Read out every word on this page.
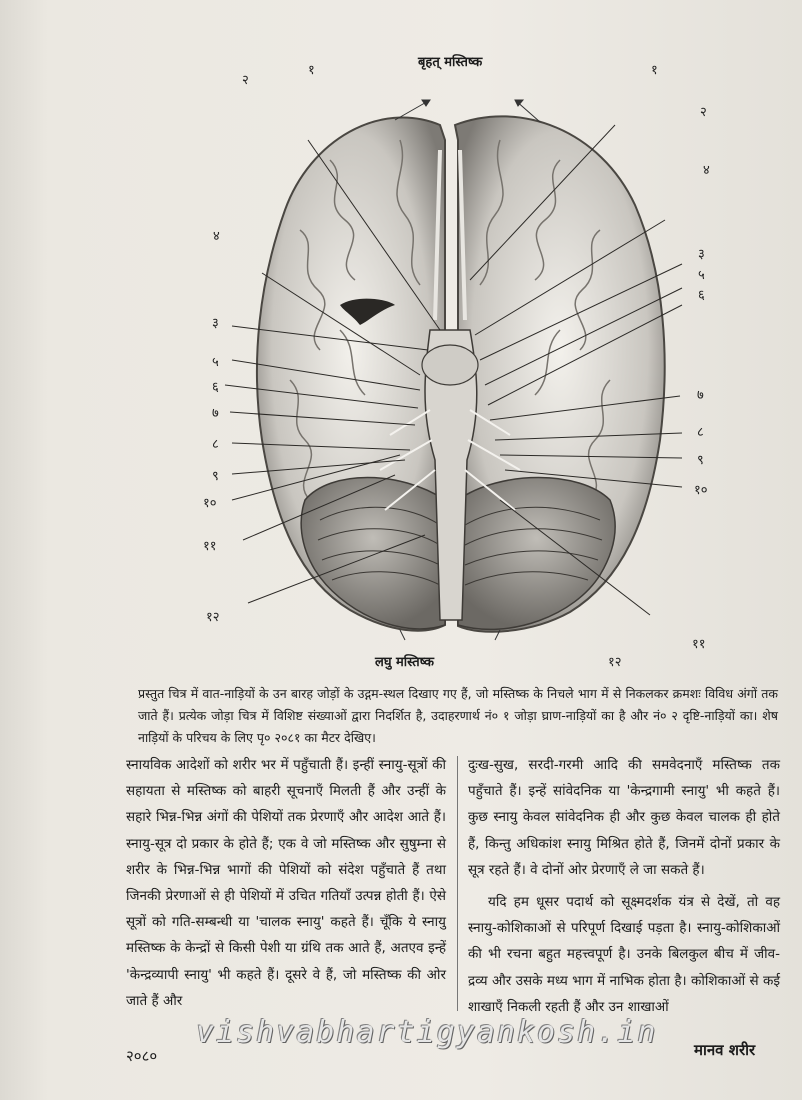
बृहत् मस्तिष्क
लघु मस्तिष्क
२
१
४
३
५
६
७
८
९
१०
११
१२
१
२
४
३
५
६
७
८
९
१०
११
१२

प्रस्तुत चित्र में वात-नाड़ियों के उन बारह जोड़ों के उद्गम-स्थल दिखाए गए हैं, जो मस्तिष्क के निचले भाग में से निकलकर क्रमशः विविध अंगों तक जाते हैं। प्रत्येक जोड़ा चित्र में विशिष्ट संख्याओं द्वारा निदर्शित है, उदाहरणार्थ नं० १ जोड़ा घ्राण-नाड़ियों का है और नं० २ दृष्टि-नाड़ियों का। शेष नाड़ियों के परिचय के लिए पृ० २०८१ का मैटर देखिए।

स्नायविक आदेशों को शरीर भर में पहुँचाती हैं। इन्हीं स्नायु-सूत्रों की सहायता से मस्तिष्क को बाहरी सूचनाएँ मिलती हैं और उन्हीं के सहारे भिन्न-भिन्न अंगों की पेशियों तक प्रेरणाएँ और आदेश आते हैं। स्नायु-सूत्र दो प्रकार के होते हैं; एक वे जो मस्तिष्क और सुषुम्ना से शरीर के भिन्न-भिन्न भागों की पेशियों को संदेश पहुँचाते हैं तथा जिनकी प्रेरणाओं से ही पेशियों में उचित गतियाँ उत्पन्न होती हैं। ऐसे सूत्रों को गति-सम्बन्धी या 'चालक स्नायु' कहते हैं। चूँकि ये स्नायु मस्तिष्क के केन्द्रों से किसी पेशी या ग्रंथि तक आते हैं, अतएव इन्हें 'केन्द्रव्यापी स्नायु' भी कहते हैं। दूसरे वे हैं, जो मस्तिष्क की ओर जाते हैं और

दुःख-सुख, सरदी-गरमी आदि की समवेदनाएँ मस्तिष्क तक पहुँचाते हैं। इन्हें सांवेदनिक या 'केन्द्रगामी स्नायु' भी कहते हैं। कुछ स्नायु केवल सांवेदनिक ही और कुछ केवल चालक ही होते हैं, किन्तु अधिकांश स्नायु मिश्रित होते हैं, जिनमें दोनों प्रकार के सूत्र रहते हैं। वे दोनों ओर प्रेरणाएँ ले जा सकते हैं।

यदि हम धूसर पदार्थ को सूक्ष्मदर्शक यंत्र से देखें, तो वह स्नायु-कोशिकाओं से परिपूर्ण दिखाई पड़ता है। स्नायु-कोशिकाओं की भी रचना बहुत महत्त्वपूर्ण है। उनके बिलकुल बीच में जीव-द्रव्य और उसके मध्य भाग में नाभिक होता है। कोशिकाओं से कई शाखाएँ निकली रहती हैं और उन शाखाओं

vishvabhartigyankosh.in
२०८०	मानव शरीर
